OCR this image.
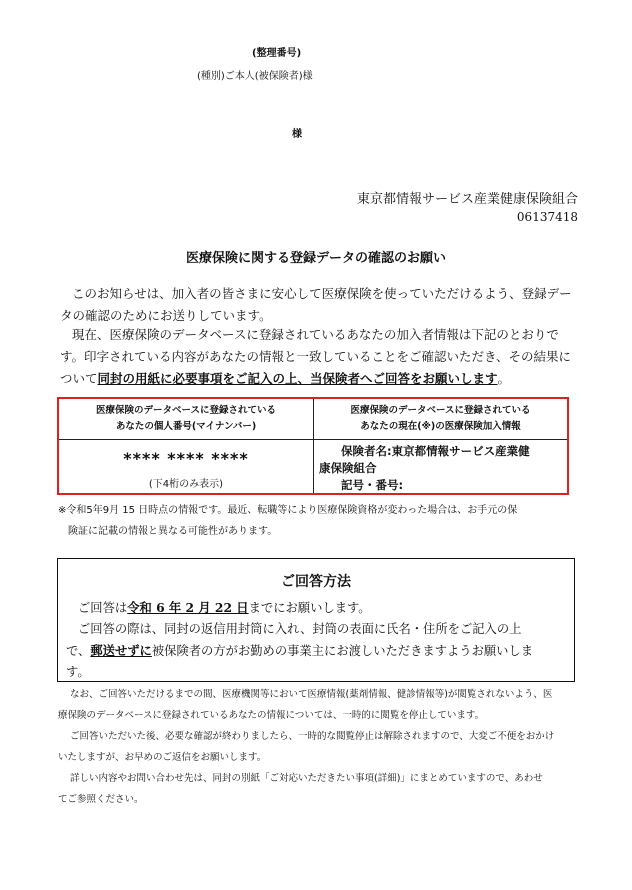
(整理番号)
(種別)ご本人(被保険者)様
様
東京都情報サービス産業健康保険組合
06137418
医療保険に関する登録データの確認のお願い
このお知らせは、加入者の皆さまに安心して医療保険を使っていただけるよう、登録デー
タの確認のためにお送りしています。
現在、医療保険のデータベースに登録されているあなたの加入者情報は下記のとおりで
す。印字されている内容があなたの情報と一致していることをご確認いただき、その結果に
ついて同封の用紙に必要事項をご記入の上、当保険者へご回答をお願いします。
医療保険のデータベースに登録されている
あなたの個人番号(マイナンバー)
医療保険のデータベースに登録されている
あなたの現在(※)の医療保険加入情報
**** **** ****
(下4桁のみ表示)
保険者名:東京都情報サービス産業健
康保険組合
記号・番号:
※令和5年9月 15 日時点の情報です。最近、転職等により医療保険資格が変わった場合は、お手元の保
険証に記載の情報と異なる可能性があります。
ご回答方法
ご回答は令和 6 年 2 月 22 日までにお願いします。
ご回答の際は、同封の返信用封筒に入れ、封筒の表面に氏名・住所をご記入の上
で、郵送せずに被保険者の方がお勤めの事業主にお渡しいただきますようお願いしま
す。
なお、ご回答いただけるまでの間、医療機関等において医療情報(薬剤情報、健診情報等)が閲覧されないよう、医
療保険のデータベースに登録されているあなたの情報については、一時的に閲覧を停止しています。
ご回答いただいた後、必要な確認が終わりましたら、一時的な閲覧停止は解除されますので、大変ご不便をおかけ
いたしますが、お早めのご返信をお願いします。
詳しい内容やお問い合わせ先は、同封の別紙「ご対応いただきたい事項(詳細)」にまとめていますので、あわせ
てご参照ください。
